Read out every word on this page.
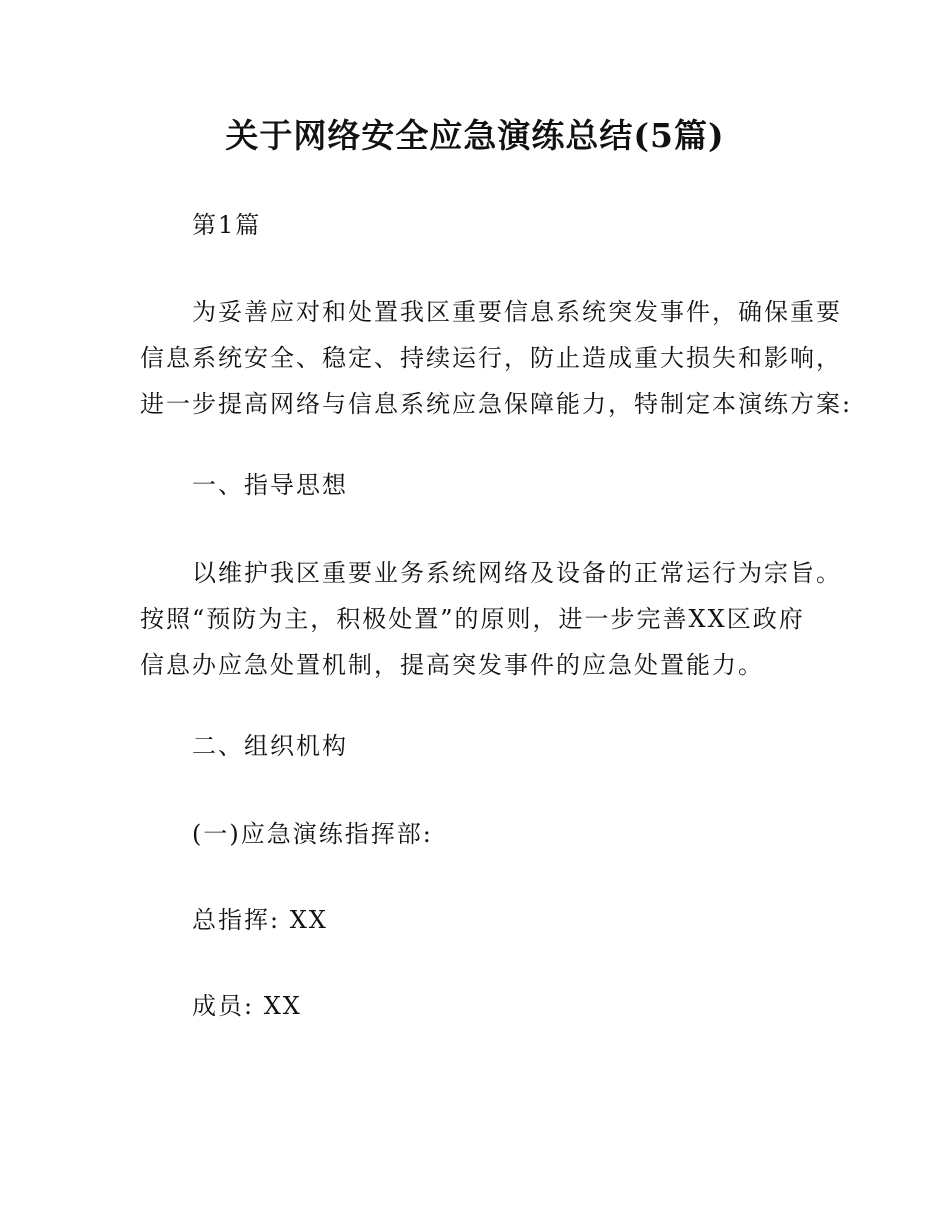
关于网络安全应急演练总结(5篇)

第1篇

为妥善应对和处置我区重要信息系统突发事件，确保重要
信息系统安全、稳定、持续运行，防止造成重大损失和影响，
进一步提高网络与信息系统应急保障能力，特制定本演练方案:

一、指导思想

以维护我区重要业务系统网络及设备的正常运行为宗旨。
按照“预防为主，积极处置”的原则，进一步完善XX区政府
信息办应急处置机制，提高突发事件的应急处置能力。

二、组织机构

(一)应急演练指挥部:

总指挥: XX

成员: XX
